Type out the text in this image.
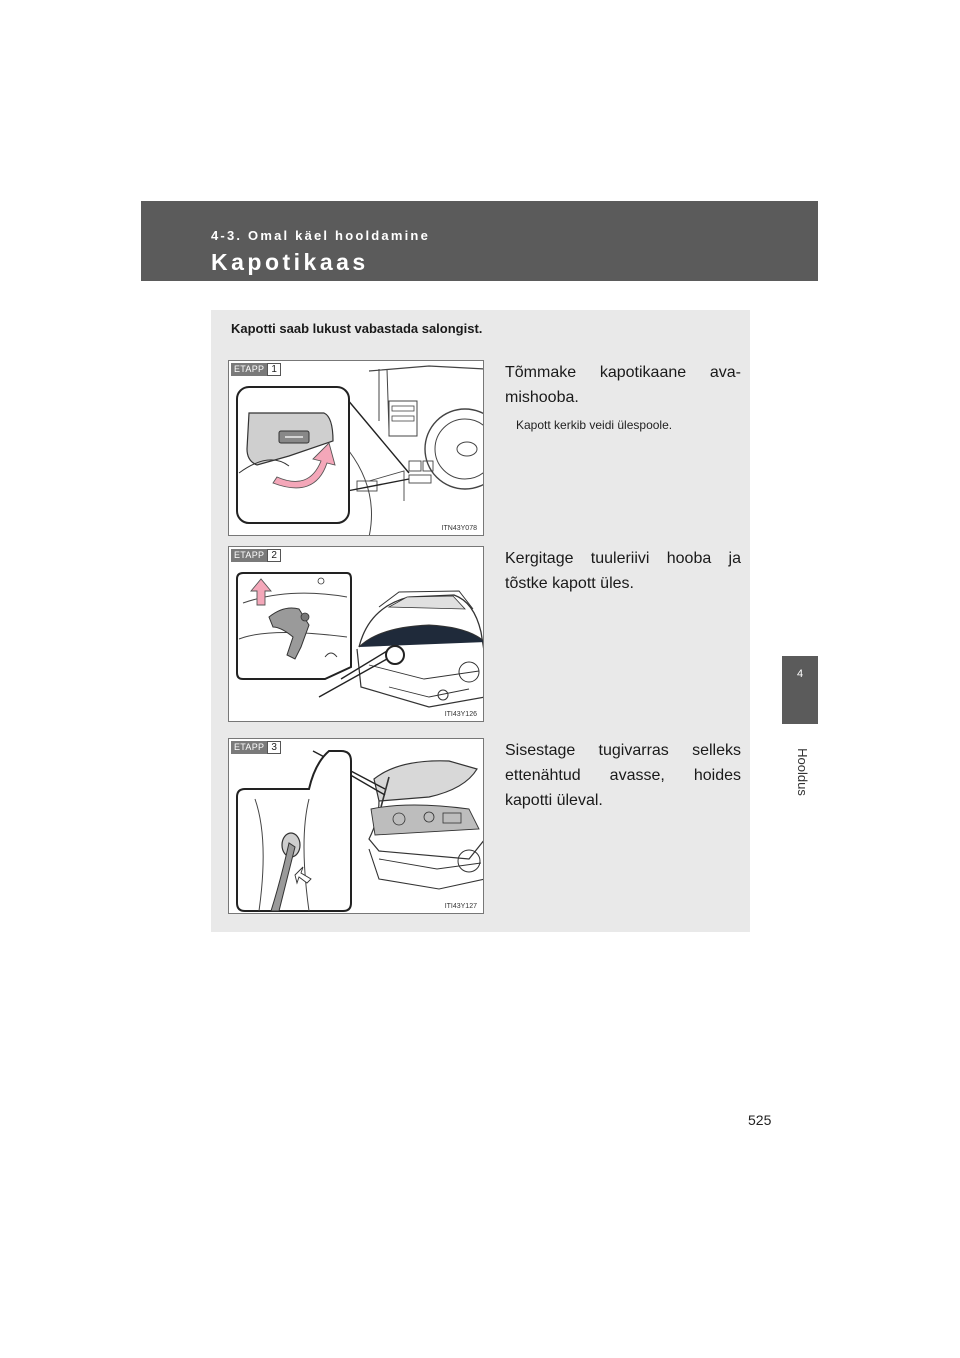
4-3. Omal käel hooldamine
Kapotikaas
4
Hooldus
Kapotti saab lukust vabastada salongist.
ETAPP 1
ITN43Y078

Tõmmake kapotikaane ava-mishooba.

Kapott kerkib veidi ülespoole.
ETAPP 2
ITI43Y126

Kergitage tuuleriivi hooba ja tõstke kapott üles.

ETAPP 3
ITI43Y127

Sisestage tugivarras selleks ettenähtud avasse, hoides kapotti üleval.

525
